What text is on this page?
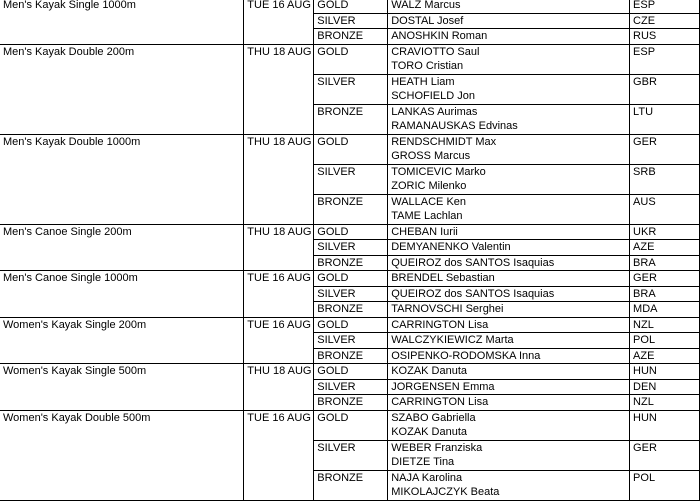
Men's Kayak Single 1000m	TUE 16 AUG	GOLD	WALZ Marcus	ESP
		SILVER	DOSTAL Josef	CZE
		BRONZE	ANOSHKIN Roman	RUS
Men's Kayak Double 200m	THU 18 AUG	GOLD	CRAVIOTTO Saul
TORO Cristian	ESP
		SILVER	HEATH Liam
SCHOFIELD Jon	GBR
		BRONZE	LANKAS Aurimas
RAMANAUSKAS Edvinas	LTU
Men's Kayak Double 1000m	THU 18 AUG	GOLD	RENDSCHMIDT Max
GROSS Marcus	GER
		SILVER	TOMICEVIC Marko
ZORIC Milenko	SRB
		BRONZE	WALLACE Ken
TAME Lachlan	AUS
Men's Canoe Single 200m	THU 18 AUG	GOLD	CHEBAN Iurii	UKR
		SILVER	DEMYANENKO Valentin	AZE
		BRONZE	QUEIROZ dos SANTOS Isaquias	BRA
Men's Canoe Single 1000m	TUE 16 AUG	GOLD	BRENDEL Sebastian	GER
		SILVER	QUEIROZ dos SANTOS Isaquias	BRA
		BRONZE	TARNOVSCHI Serghei	MDA
Women's Kayak Single 200m	TUE 16 AUG	GOLD	CARRINGTON Lisa	NZL
		SILVER	WALCZYKIEWICZ Marta	POL
		BRONZE	OSIPENKO-RODOMSKA Inna	AZE
Women's Kayak Single 500m	THU 18 AUG	GOLD	KOZAK Danuta	HUN
		SILVER	JORGENSEN Emma	DEN
		BRONZE	CARRINGTON Lisa	NZL
Women's Kayak Double 500m	TUE 16 AUG	GOLD	SZABO Gabriella
KOZAK Danuta	HUN
		SILVER	WEBER Franziska
DIETZE Tina	GER
		BRONZE	NAJA Karolina
MIKOLAJCZYK Beata	POL
